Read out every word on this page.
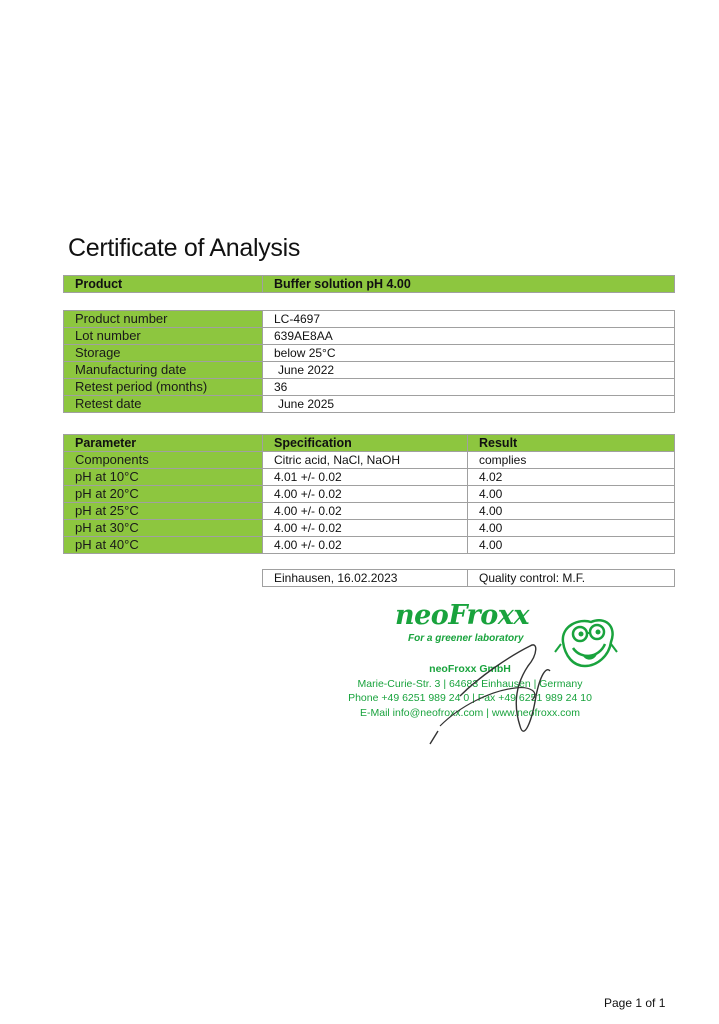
Certificate of Analysis
Product	Buffer solution pH 4.00
Product number	LC-4697
Lot number	639AE8AA
Storage	below 25°C
Manufacturing date	June 2022
Retest period (months)	36
Retest date	June 2025
Parameter	Specification	Result
Components	Citric acid, NaCl, NaOH	complies
pH at 10°C	4.01 +/- 0.02	4.02
pH at 20°C	4.00 +/- 0.02	4.00
pH at 25°C	4.00 +/- 0.02	4.00
pH at 30°C	4.00 +/- 0.02	4.00
pH at 40°C	4.00 +/- 0.02	4.00
Einhausen, 16.02.2023	Quality control: M.F.
neoFroxx
For a greener laboratory
neoFroxx GmbH
Marie-Curie-Str. 3 | 64683 Einhausen | Germany
Phone +49 6251 989 24 0 | Fax +49 6251 989 24 10
E-Mail info@neofroxx.com | www.neofroxx.com
Page 1 of 1
